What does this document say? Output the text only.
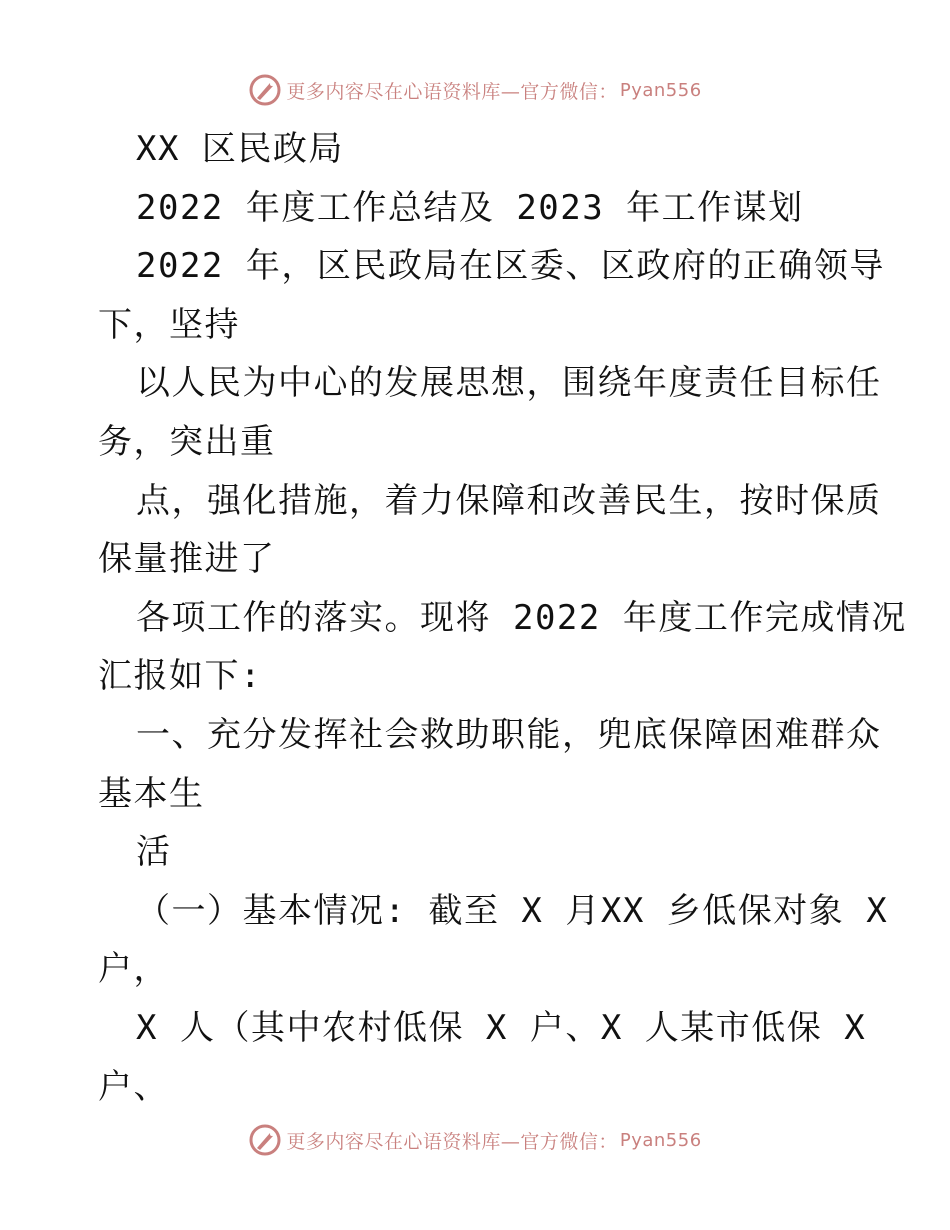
更多内容尽在心语资料库—官方微信： Pyan556
XX 区民政局
2022 年度工作总结及 2023 年工作谋划
2022 年，区民政局在区委、区政府的正确领导
下，坚持
以人民为中心的发展思想，围绕年度责任目标任
务，突出重
点，强化措施，着力保障和改善民生，按时保质
保量推进了
各项工作的落实。现将 2022 年度工作完成情况
汇报如下:
一、充分发挥社会救助职能，兜底保障困难群众
基本生
活
（一）基本情况: 截至 X 月XX 乡低保对象 X
户，
X 人（其中农村低保 X 户、X 人某市低保 X
户、
更多内容尽在心语资料库—官方微信： Pyan556
